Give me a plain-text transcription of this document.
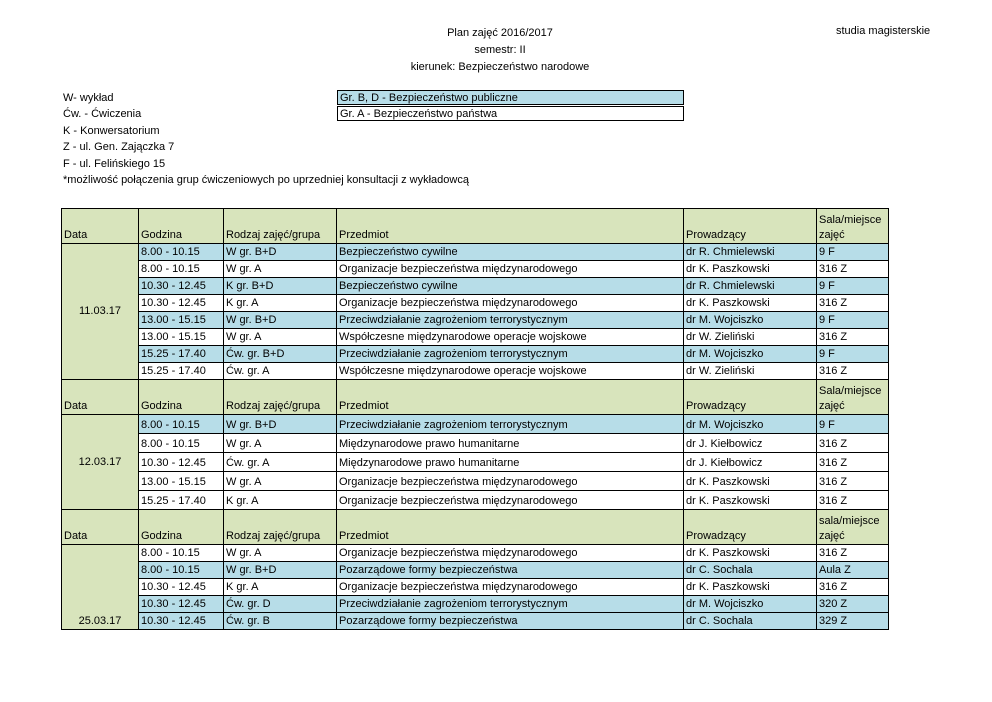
Plan zajęć 2016/2017
semestr: II
kierunek: Bezpieczeństwo narodowe
studia magisterskie
W- wykład
Ćw. - Ćwiczenia
K - Konwersatorium
Z - ul. Gen. Zajączka 7
F - ul. Felińskiego 15
*możliwość połączenia grup ćwiczeniowych po uprzedniej konsultacji z wykładowcą
Gr. B, D - Bezpieczeństwo publiczne
Gr. A - Bezpieczeństwo państwa
Data	Godzina	Rodzaj zajęć/grupa	Przedmiot	Prowadzący	Sala/miejsce zajęć
11.03.17	8.00 - 10.15	W gr. B+D	Bezpieczeństwo cywilne	dr R. Chmielewski	9 F
	8.00 - 10.15	W gr. A	Organizacje bezpieczeństwa międzynarodowego	dr K. Paszkowski	316 Z
	10.30 - 12.45	K gr. B+D	Bezpieczeństwo cywilne	dr R. Chmielewski	9 F
	10.30 - 12.45	K gr. A	Organizacje bezpieczeństwa międzynarodowego	dr K. Paszkowski	316 Z
	13.00 - 15.15	W gr. B+D	Przeciwdziałanie zagrożeniom terrorystycznym	dr M. Wojciszko	9 F
	13.00 - 15.15	W gr. A	Współczesne międzynarodowe operacje wojskowe	dr W. Zieliński	316 Z
	15.25 - 17.40	Ćw. gr. B+D	Przeciwdziałanie zagrożeniom terrorystycznym	dr M. Wojciszko	9 F
	15.25 - 17.40	Ćw. gr. A	Współczesne międzynarodowe operacje wojskowe	dr W. Zieliński	316 Z
Data	Godzina	Rodzaj zajęć/grupa	Przedmiot	Prowadzący	Sala/miejsce zajęć
12.03.17	8.00 - 10.15	W gr. B+D	Przeciwdziałanie zagrożeniom terrorystycznym	dr M. Wojciszko	9 F
	8.00 - 10.15	W gr. A	Międzynarodowe prawo humanitarne	dr J. Kiełbowicz	316 Z
	10.30 - 12.45	Ćw. gr. A	Międzynarodowe prawo humanitarne	dr J. Kiełbowicz	316 Z
	13.00 - 15.15	W gr. A	Organizacje bezpieczeństwa międzynarodowego	dr K. Paszkowski	316 Z
	15.25 - 17.40	K gr. A	Organizacje bezpieczeństwa międzynarodowego	dr K. Paszkowski	316 Z
Data	Godzina	Rodzaj zajęć/grupa	Przedmiot	Prowadzący	sala/miejsce zajęć
25.03.17	8.00 - 10.15	W gr. A	Organizacje bezpieczeństwa międzynarodowego	dr K. Paszkowski	316 Z
	8.00 - 10.15	W gr. B+D	Pozarządowe formy bezpieczeństwa	dr C. Sochala	Aula Z
	10.30 - 12.45	K gr. A	Organizacje bezpieczeństwa międzynarodowego	dr K. Paszkowski	316 Z
	10.30 - 12.45	Ćw. gr. D	Przeciwdziałanie zagrożeniom terrorystycznym	dr M. Wojciszko	320 Z
	10.30 - 12.45	Ćw. gr. B	Pozarządowe formy bezpieczeństwa	dr C. Sochala	329 Z
